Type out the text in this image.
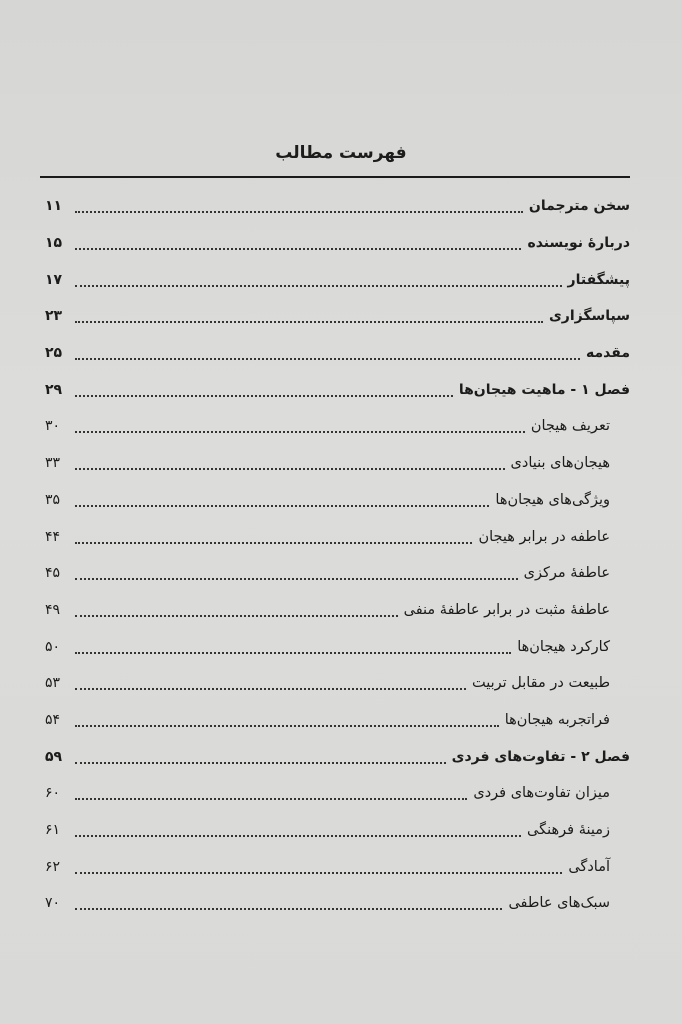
فهرست مطالب
سخن مترجمان
۱۱
دربارهٔ نویسنده
۱۵
پیشگفتار
۱۷
سپاسگزاری
۲۳
مقدمه
۲۵
فصل ۱ - ماهیت هیجان‌ها
۲۹
تعریف هیجان
۳۰
هیجان‌های بنیادی
۳۳
ویژگی‌های هیجان‌ها
۳۵
عاطفه در برابر هیجان
۴۴
عاطفهٔ مرکزی
۴۵
عاطفهٔ مثبت در برابر عاطفهٔ منفی
۴۹
کارکرد هیجان‌ها
۵۰
طبیعت در مقابل تربیت
۵۳
فراتجربه هیجان‌ها
۵۴
فصل ۲ - تفاوت‌های فردی
۵۹
میزان تفاوت‌های فردی
۶۰
زمینهٔ فرهنگی
۶۱
آمادگی
۶۲
سبک‌های عاطفی
۷۰
